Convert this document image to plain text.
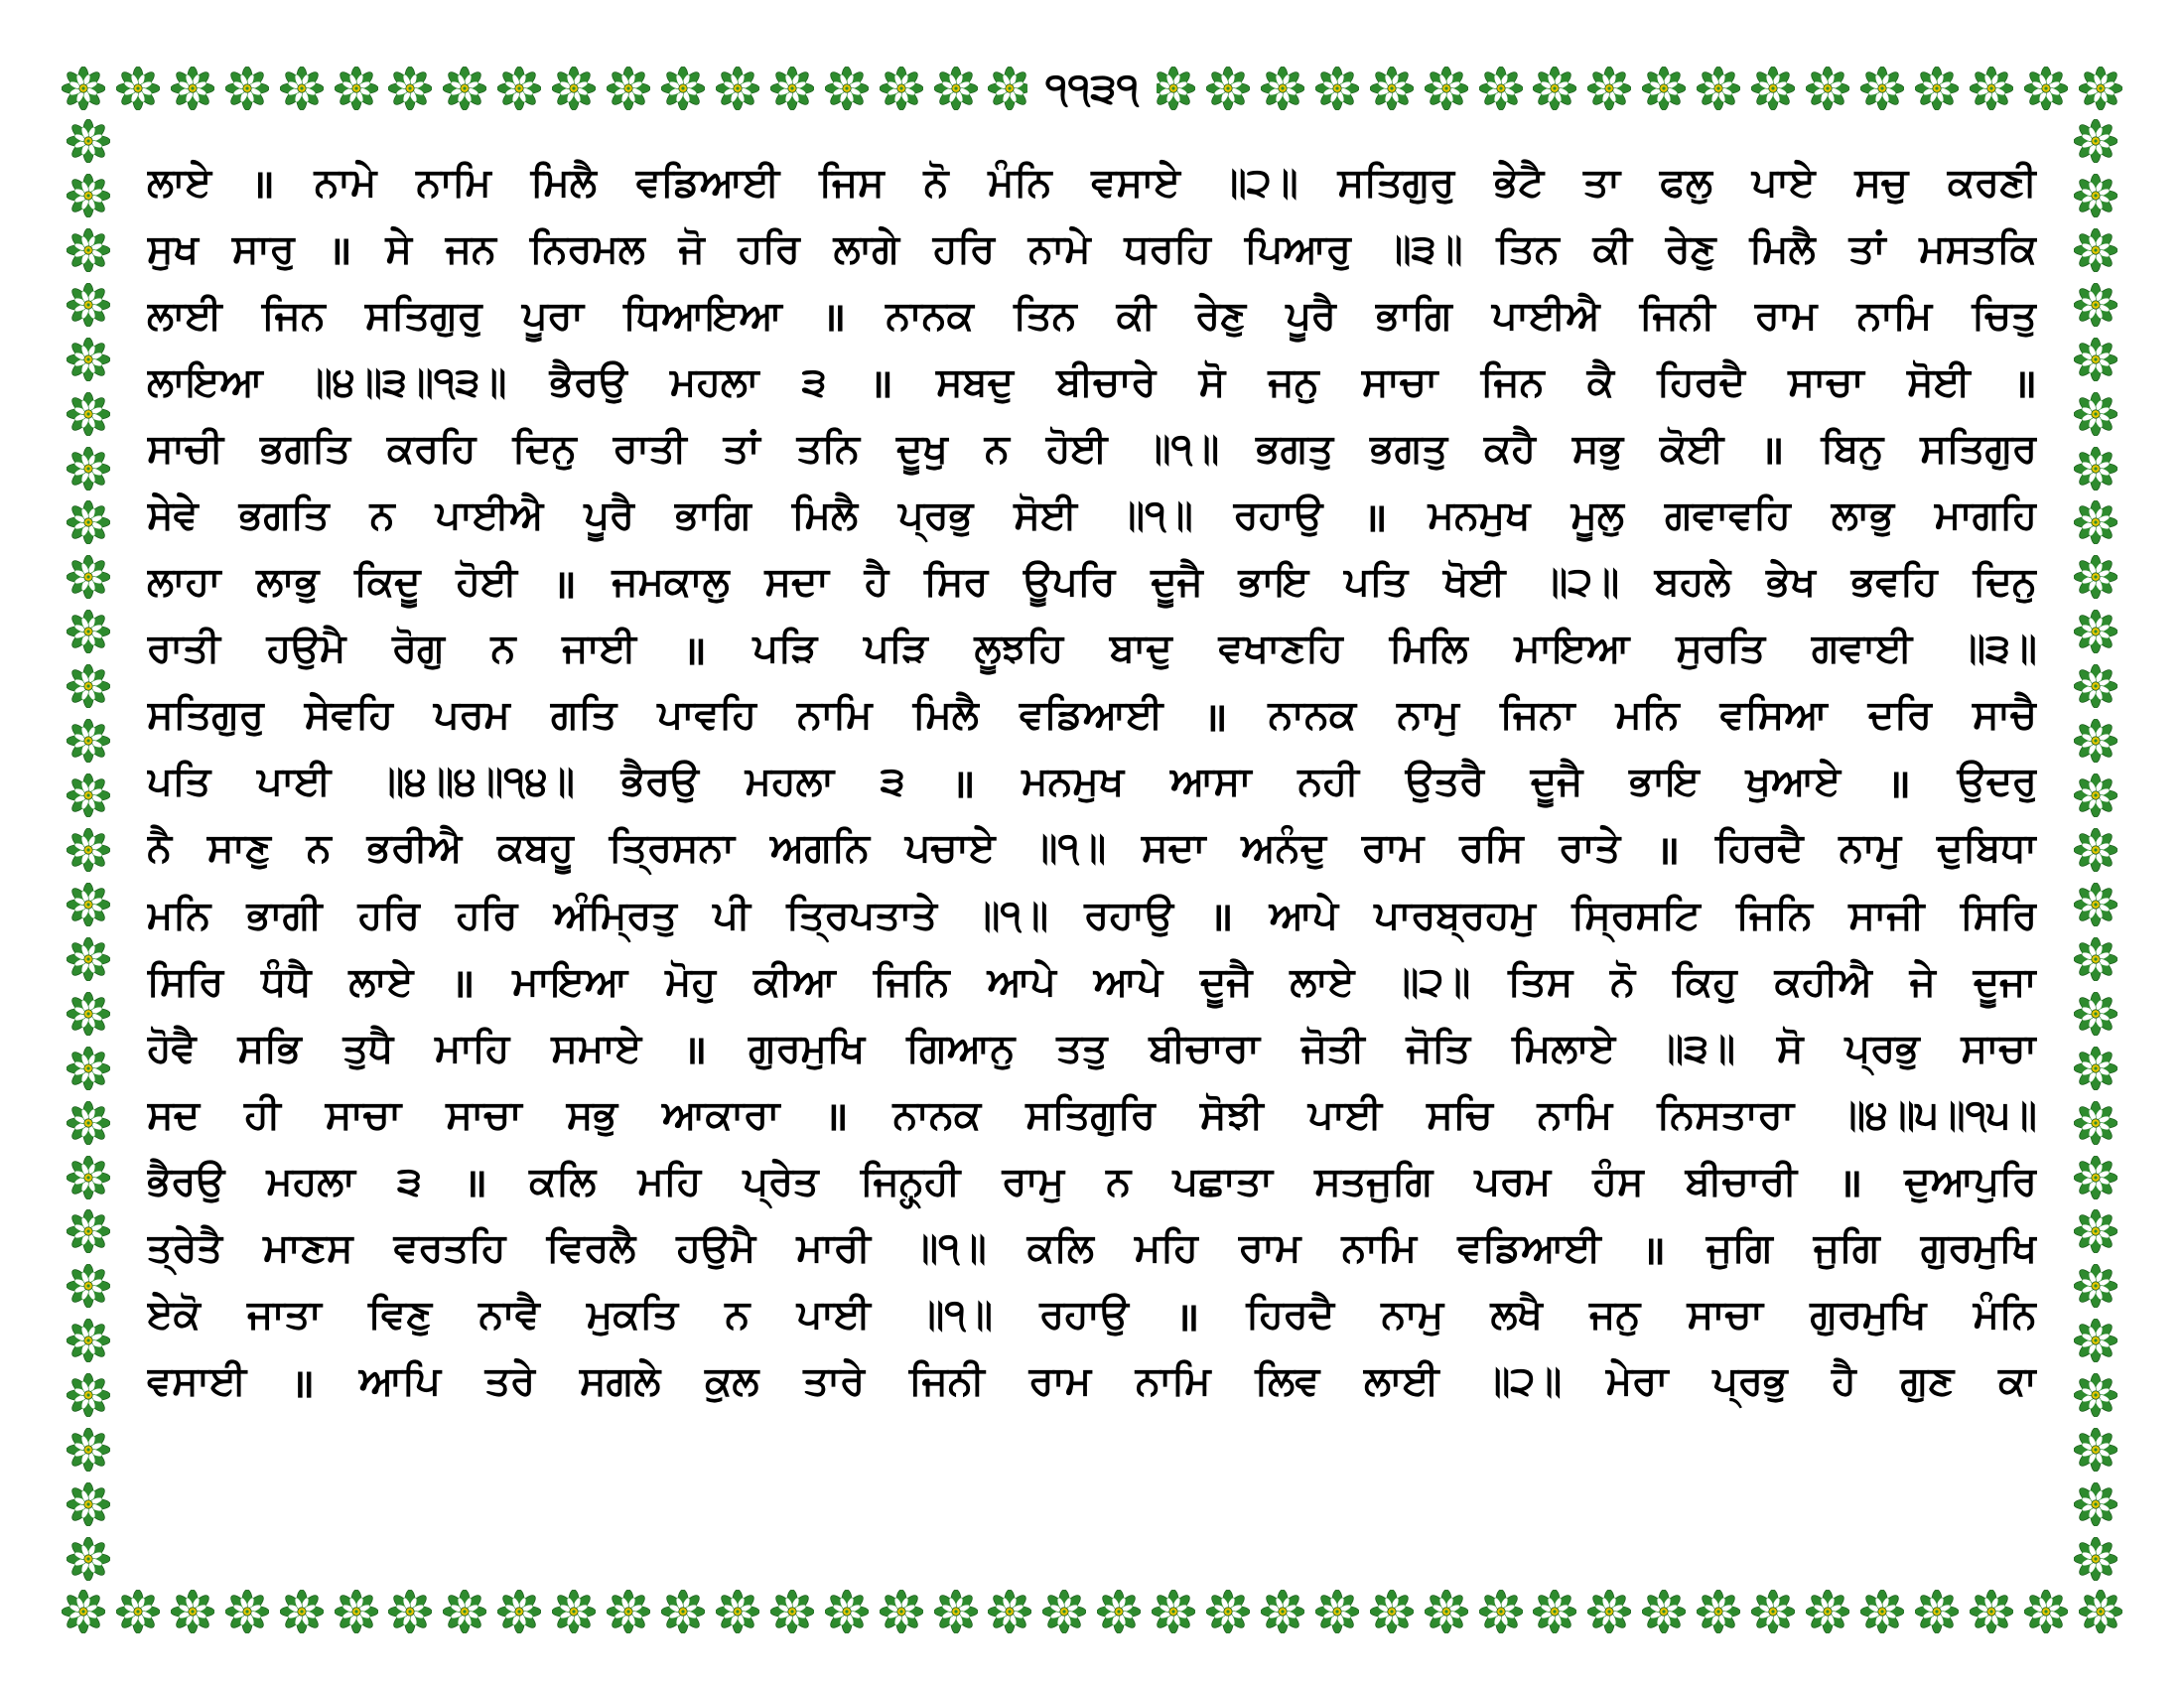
੧੧੩੧
ਲਾਏ ॥ ਨਾਮੇ ਨਾਮਿ ਮਿਲੈ ਵਡਿਆਈ ਜਿਸ ਨੋ ਮੰਨਿ ਵਸਾਏ ॥੨॥ ਸਤਿਗੁਰੁ ਭੇਟੈ ਤਾ ਫਲੁ ਪਾਏ ਸਚੁ ਕਰਣੀ
ਸੁਖ ਸਾਰੁ ॥ ਸੇ ਜਨ ਨਿਰਮਲ ਜੋ ਹਰਿ ਲਾਗੇ ਹਰਿ ਨਾਮੇ ਧਰਹਿ ਪਿਆਰੁ ॥੩॥ ਤਿਨ ਕੀ ਰੇਣੁ ਮਿਲੈ ਤਾਂ ਮਸਤਕਿ
ਲਾਈ ਜਿਨ ਸਤਿਗੁਰੁ ਪੂਰਾ ਧਿਆਇਆ ॥ ਨਾਨਕ ਤਿਨ ਕੀ ਰੇਣੁ ਪੂਰੈ ਭਾਗਿ ਪਾਈਐ ਜਿਨੀ ਰਾਮ ਨਾਮਿ ਚਿਤੁ
ਲਾਇਆ ॥੪॥੩॥੧੩॥ ਭੈਰਉ ਮਹਲਾ ੩ ॥ ਸਬਦੁ ਬੀਚਾਰੇ ਸੋ ਜਨੁ ਸਾਚਾ ਜਿਨ ਕੈ ਹਿਰਦੈ ਸਾਚਾ ਸੋਈ ॥
ਸਾਚੀ ਭਗਤਿ ਕਰਹਿ ਦਿਨੁ ਰਾਤੀ ਤਾਂ ਤਨਿ ਦੂਖੁ ਨ ਹੋਈ ॥੧॥ ਭਗਤੁ ਭਗਤੁ ਕਹੈ ਸਭੁ ਕੋਈ ॥ ਬਿਨੁ ਸਤਿਗੁਰ
ਸੇਵੇ ਭਗਤਿ ਨ ਪਾਈਐ ਪੂਰੈ ਭਾਗਿ ਮਿਲੈ ਪ੍ਰਭੁ ਸੋਈ ॥੧॥ ਰਹਾਉ ॥ ਮਨਮੁਖ ਮੂਲੁ ਗਵਾਵਹਿ ਲਾਭੁ ਮਾਗਹਿ
ਲਾਹਾ ਲਾਭੁ ਕਿਦੂ ਹੋਈ ॥ ਜਮਕਾਲੁ ਸਦਾ ਹੈ ਸਿਰ ਊਪਰਿ ਦੂਜੈ ਭਾਇ ਪਤਿ ਖੋਈ ॥੨॥ ਬਹਲੇ ਭੇਖ ਭਵਹਿ ਦਿਨੁ
ਰਾਤੀ ਹਉਮੈ ਰੋਗੁ ਨ ਜਾਈ ॥ ਪੜਿ ਪੜਿ ਲੂਝਹਿ ਬਾਦੁ ਵਖਾਣਹਿ ਮਿਲਿ ਮਾਇਆ ਸੁਰਤਿ ਗਵਾਈ ॥੩॥
ਸਤਿਗੁਰੁ ਸੇਵਹਿ ਪਰਮ ਗਤਿ ਪਾਵਹਿ ਨਾਮਿ ਮਿਲੈ ਵਡਿਆਈ ॥ ਨਾਨਕ ਨਾਮੁ ਜਿਨਾ ਮਨਿ ਵਸਿਆ ਦਰਿ ਸਾਚੈ
ਪਤਿ ਪਾਈ ॥੪॥੪॥੧੪॥ ਭੈਰਉ ਮਹਲਾ ੩ ॥ ਮਨਮੁਖ ਆਸਾ ਨਹੀ ਉਤਰੈ ਦੂਜੈ ਭਾਇ ਖੁਆਏ ॥ ਉਦਰੁ
ਨੈ ਸਾਣੁ ਨ ਭਰੀਐ ਕਬਹੂ ਤ੍ਰਿਸਨਾ ਅਗਨਿ ਪਚਾਏ ॥੧॥ ਸਦਾ ਅਨੰਦੁ ਰਾਮ ਰਸਿ ਰਾਤੇ ॥ ਹਿਰਦੈ ਨਾਮੁ ਦੁਬਿਧਾ
ਮਨਿ ਭਾਗੀ ਹਰਿ ਹਰਿ ਅੰਮ੍ਰਿਤੁ ਪੀ ਤ੍ਰਿਪਤਾਤੇ ॥੧॥ ਰਹਾਉ ॥ ਆਪੇ ਪਾਰਬ੍ਰਹਮੁ ਸ੍ਰਿਸਟਿ ਜਿਨਿ ਸਾਜੀ ਸਿਰਿ
ਸਿਰਿ ਧੰਧੈ ਲਾਏ ॥ ਮਾਇਆ ਮੋਹੁ ਕੀਆ ਜਿਨਿ ਆਪੇ ਆਪੇ ਦੂਜੈ ਲਾਏ ॥੨॥ ਤਿਸ ਨੋ ਕਿਹੁ ਕਹੀਐ ਜੇ ਦੂਜਾ
ਹੋਵੈ ਸਭਿ ਤੁਧੈ ਮਾਹਿ ਸਮਾਏ ॥ ਗੁਰਮੁਖਿ ਗਿਆਨੁ ਤਤੁ ਬੀਚਾਰਾ ਜੋਤੀ ਜੋਤਿ ਮਿਲਾਏ ॥੩॥ ਸੋ ਪ੍ਰਭੁ ਸਾਚਾ
ਸਦ ਹੀ ਸਾਚਾ ਸਾਚਾ ਸਭੁ ਆਕਾਰਾ ॥ ਨਾਨਕ ਸਤਿਗੁਰਿ ਸੋਝੀ ਪਾਈ ਸਚਿ ਨਾਮਿ ਨਿਸਤਾਰਾ ॥੪॥੫॥੧੫॥
ਭੈਰਉ ਮਹਲਾ ੩ ॥ ਕਲਿ ਮਹਿ ਪ੍ਰੇਤ ਜਿਨ੍ਹ੍ਹੀ ਰਾਮੁ ਨ ਪਛਾਤਾ ਸਤਜੁਗਿ ਪਰਮ ਹੰਸ ਬੀਚਾਰੀ ॥ ਦੁਆਪੁਰਿ
ਤ੍ਰੇਤੈ ਮਾਣਸ ਵਰਤਹਿ ਵਿਰਲੈ ਹਉਮੈ ਮਾਰੀ ॥੧॥ ਕਲਿ ਮਹਿ ਰਾਮ ਨਾਮਿ ਵਡਿਆਈ ॥ ਜੁਗਿ ਜੁਗਿ ਗੁਰਮੁਖਿ
ਏਕੋ ਜਾਤਾ ਵਿਣੁ ਨਾਵੈ ਮੁਕਤਿ ਨ ਪਾਈ ॥੧॥ ਰਹਾਉ ॥ ਹਿਰਦੈ ਨਾਮੁ ਲਖੈ ਜਨੁ ਸਾਚਾ ਗੁਰਮੁਖਿ ਮੰਨਿ
ਵਸਾਈ ॥ ਆਪਿ ਤਰੇ ਸਗਲੇ ਕੁਲ ਤਾਰੇ ਜਿਨੀ ਰਾਮ ਨਾਮਿ ਲਿਵ ਲਾਈ ॥੨॥ ਮੇਰਾ ਪ੍ਰਭੁ ਹੈ ਗੁਣ ਕਾ
